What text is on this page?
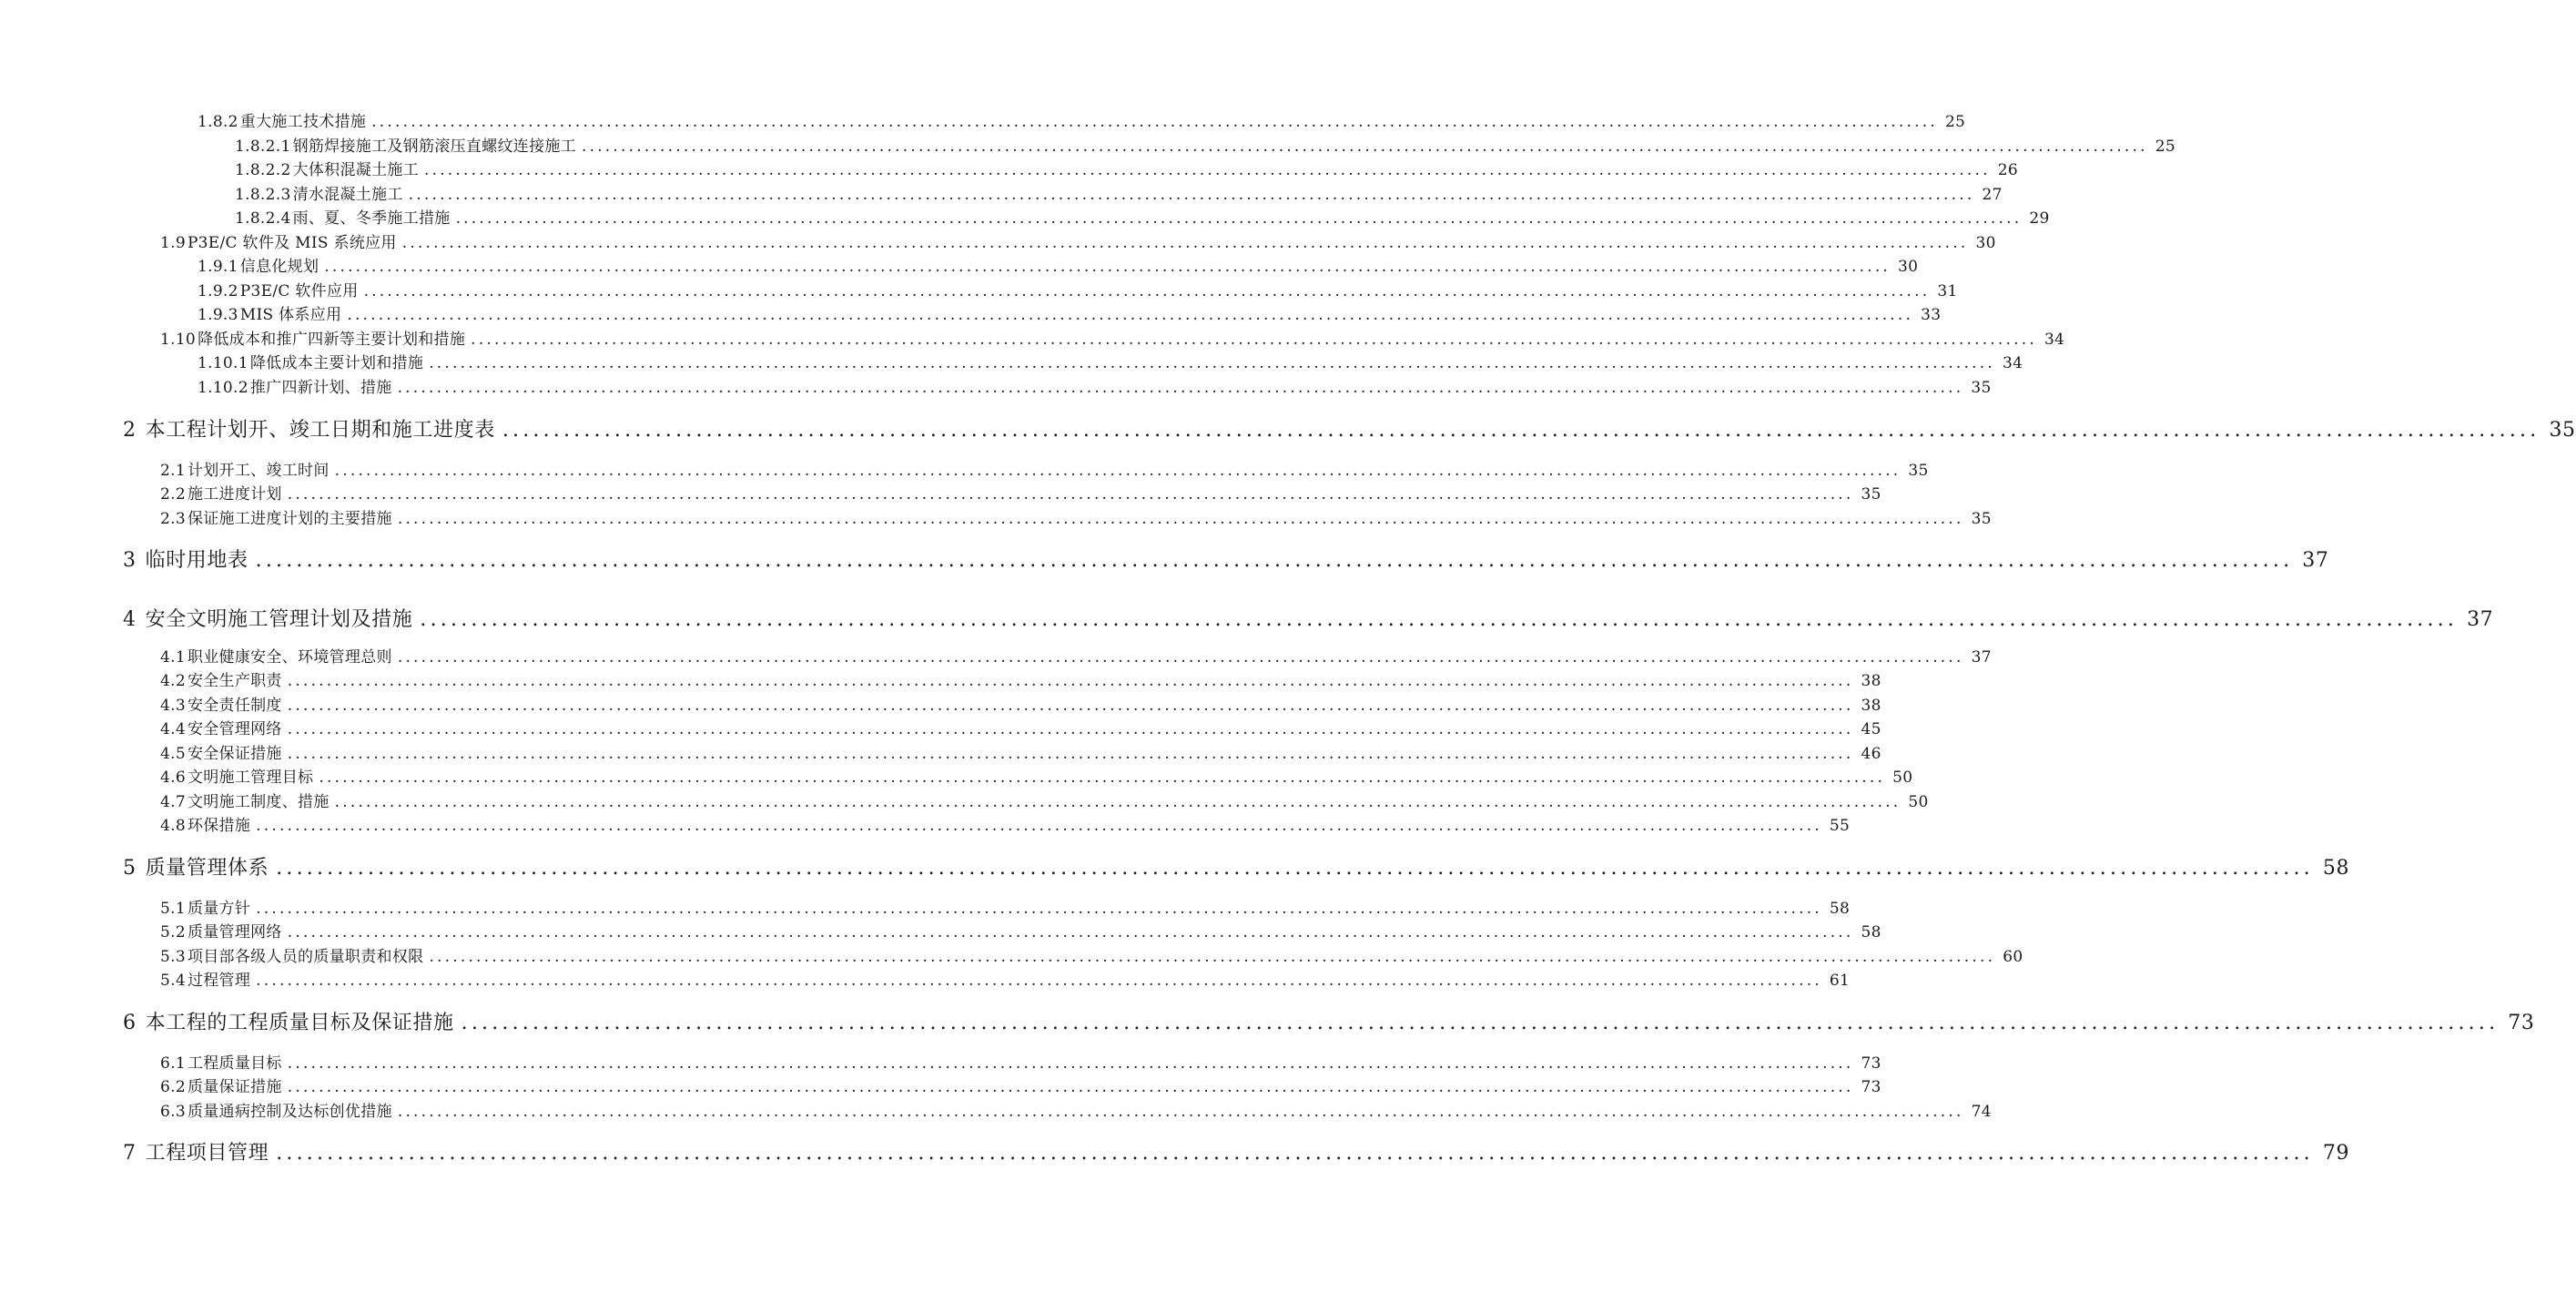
1.8.2 重大施工技术措施 ........................................................................................................................................................................................................ 25
1.8.2.1 钢筋焊接施工及钢筋滚压直螺纹连接施工 ........................................................................................................................................................................................................ 25
1.8.2.2 大体积混凝土施工 ........................................................................................................................................................................................................ 26
1.8.2.3 清水混凝土施工 ........................................................................................................................................................................................................ 27
1.8.2.4 雨、夏、冬季施工措施 ........................................................................................................................................................................................................ 29
1.9 P3E/C 软件及 MIS 系统应用 ........................................................................................................................................................................................................ 30
1.9.1 信息化规划 ........................................................................................................................................................................................................ 30
1.9.2 P3E/C 软件应用 ........................................................................................................................................................................................................ 31
1.9.3 MIS 体系应用 ........................................................................................................................................................................................................ 33
1.10 降低成本和推广四新等主要计划和措施 ........................................................................................................................................................................................................ 34
1.10.1 降低成本主要计划和措施 ........................................................................................................................................................................................................ 34
1.10.2 推广四新计划、措施 ........................................................................................................................................................................................................ 35
2 本工程计划开、竣工日期和施工进度表 ........................................................................................................................................................................................................ 35
2.1 计划开工、竣工时间 ........................................................................................................................................................................................................ 35
2.2 施工进度计划 ........................................................................................................................................................................................................ 35
2.3 保证施工进度计划的主要措施 ........................................................................................................................................................................................................ 35
3 临时用地表 ........................................................................................................................................................................................................ 37
4 安全文明施工管理计划及措施 ........................................................................................................................................................................................................ 37
4.1 职业健康安全、环境管理总则 ........................................................................................................................................................................................................ 37
4.2 安全生产职责 ........................................................................................................................................................................................................ 38
4.3 安全责任制度 ........................................................................................................................................................................................................ 38
4.4 安全管理网络 ........................................................................................................................................................................................................ 45
4.5 安全保证措施 ........................................................................................................................................................................................................ 46
4.6 文明施工管理目标 ........................................................................................................................................................................................................ 50
4.7 文明施工制度、措施 ........................................................................................................................................................................................................ 50
4.8 环保措施 ........................................................................................................................................................................................................ 55
5 质量管理体系 ........................................................................................................................................................................................................ 58
5.1 质量方针 ........................................................................................................................................................................................................ 58
5.2 质量管理网络 ........................................................................................................................................................................................................ 58
5.3 项目部各级人员的质量职责和权限 ........................................................................................................................................................................................................ 60
5.4 过程管理 ........................................................................................................................................................................................................ 61
6 本工程的工程质量目标及保证措施 ........................................................................................................................................................................................................ 73
6.1 工程质量目标 ........................................................................................................................................................................................................ 73
6.2 质量保证措施 ........................................................................................................................................................................................................ 73
6.3 质量通病控制及达标创优措施 ........................................................................................................................................................................................................ 74
7 工程项目管理 ........................................................................................................................................................................................................ 79
